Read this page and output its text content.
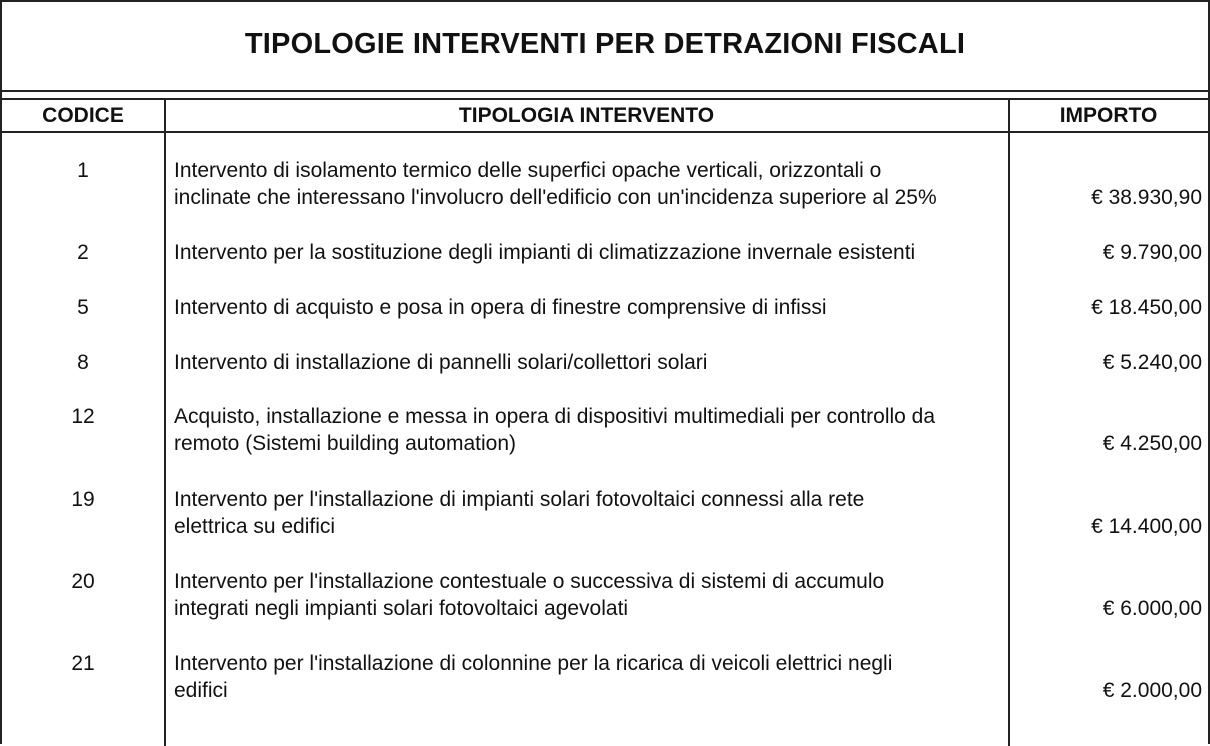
TIPOLOGIE INTERVENTI PER DETRAZIONI FISCALI
CODICE	TIPOLOGIA INTERVENTO	IMPORTO
1	Intervento di isolamento termico delle superfici opache verticali, orizzontali o
inclinate che interessano l'involucro dell'edificio con un'incidenza superiore al 25%	€ 38.930,90
2	Intervento per la sostituzione degli impianti di climatizzazione invernale esistenti	€ 9.790,00
5	Intervento di acquisto e posa in opera di finestre comprensive di infissi	€ 18.450,00
8	Intervento di installazione di pannelli solari/collettori solari	€ 5.240,00
12	Acquisto, installazione e messa in opera di dispositivi multimediali per controllo da
remoto (Sistemi building automation)	€ 4.250,00
19	Intervento per l'installazione di impianti solari fotovoltaici connessi alla rete
elettrica su edifici	€ 14.400,00
20	Intervento per l'installazione contestuale o successiva di sistemi di accumulo
integrati negli impianti solari fotovoltaici agevolati	€ 6.000,00
21	Intervento per l'installazione di colonnine per la ricarica di veicoli elettrici negli
edifici	€ 2.000,00
